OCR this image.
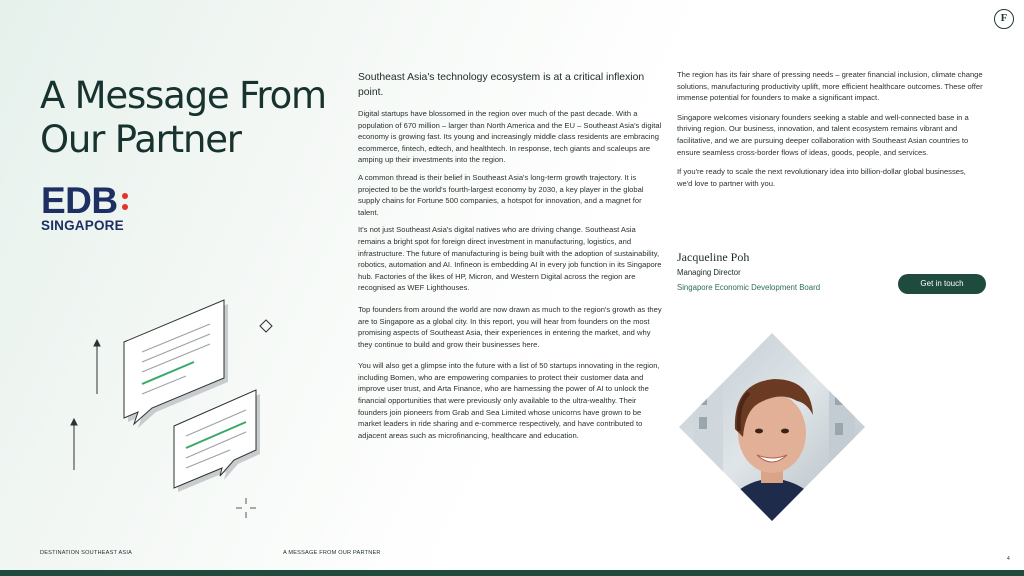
F
A Message From
Our Partner
EDB
SINGAPORE

Southeast Asia's technology ecosystem is at a critical inflexion point.

Digital startups have blossomed in the region over much of the past decade. With a population of 670 million – larger than North America and the EU – Southeast Asia's digital economy is growing fast. Its young and increasingly middle class residents are embracing ecommerce, fintech, edtech, and healthtech. In response, tech giants and scaleups are amping up their investments into the region.

A common thread is their belief in Southeast Asia's long-term growth trajectory. It is projected to be the world's fourth-largest economy by 2030, a key player in the global supply chains for Fortune 500 companies, a hotspot for innovation, and a magnet for talent.

It's not just Southeast Asia's digital natives who are driving change. Southeast Asia remains a bright spot for foreign direct investment in manufacturing, logistics, and infrastructure. The future of manufacturing is being built with the adoption of sustainability, robotics, automation and AI. Infineon is embedding AI in every job function in its Singapore hub. Factories of the likes of HP, Micron, and Western Digital across the region are recognised as WEF Lighthouses.

Top founders from around the world are now drawn as much to the region's growth as they are to Singapore as a global city. In this report, you will hear from founders on the most promising aspects of Southeast Asia, their experiences in entering the market, and why they continue to build and grow their businesses here.

You will also get a glimpse into the future with a list of 50 startups innovating in the region, including Bomen, who are empowering companies to protect their customer data and improve user trust, and Arta Finance, who are harnessing the power of AI to unlock the financial opportunities that were previously only available to the ultra-wealthy. Their founders join pioneers from Grab and Sea Limited whose unicorns have grown to be market leaders in ride sharing and e-commerce respectively, and have contributed to adjacent areas such as microfinancing, healthcare and education.

The region has its fair share of pressing needs – greater financial inclusion, climate change solutions, manufacturing productivity uplift, more efficient healthcare outcomes. These offer immense potential for founders to make a significant impact.

Singapore welcomes visionary founders seeking a stable and well-connected base in a thriving region. Our business, innovation, and talent ecosystem remains vibrant and facilitative, and we are pursuing deeper collaboration with Southeast Asian countries to ensure seamless cross-border flows of ideas, goods, people, and services.

If you're ready to scale the next revolutionary idea into billion-dollar global businesses, we'd love to partner with you.

Jacqueline Poh
Managing Director
Singapore Economic Development Board	Get in touch
DESTINATION SOUTHEAST ASIA	A MESSAGE FROM OUR PARTNER
4
